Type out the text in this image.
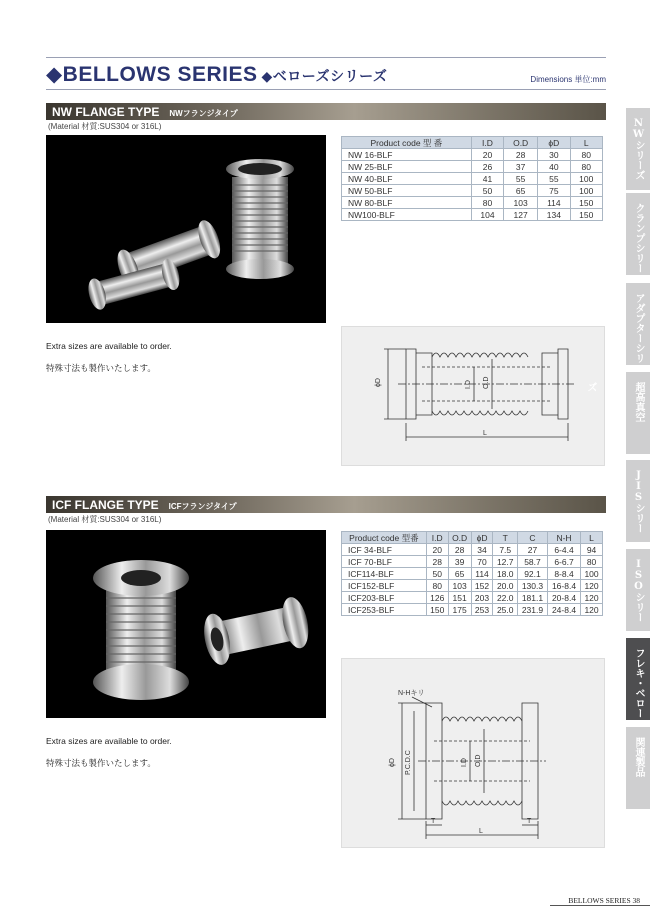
◆BELLOWS SERIES ◆ベローズシリーズ	Dimensions 単位:mm
NW FLANGE TYPE NWフランジタイプ
(Material 材質:SUS304 or 316L)
Product code 型 番	I.D	O.D	ϕD	L
NW 16-BLF	20	28	30	80
NW 25-BLF	26	37	40	80
NW 40-BLF	41	55	55	100
NW 50-BLF	50	65	75	100
NW 80-BLF	80	103	114	150
NW100-BLF	104	127	134	150
Extra sizes are available to order.
特殊寸法も製作いたします。
ϕD	I.D O.D
L
ICF FLANGE TYPE ICFフランジタイプ
(Material 材質:SUS304 or 316L)
Product code 型番	I.D	O.D	ϕD	T	C	N-H	L
ICF 34-BLF	20	28	34	7.5	27	6-4.4	94
ICF 70-BLF	28	39	70	12.7	58.7	6-6.7	80
ICF114-BLF	50	65	114	18.0	92.1	8-8.4	100
ICF152-BLF	80	103	152	20.0	130.3	16-8.4	120
ICF203-BLF	126	151	203	22.0	181.1	20-8.4	120
ICF253-BLF	150	175	253	25.0	231.9	24-8.4	120
Extra sizes are available to order.
特殊寸法も製作いたします。
N-Hキリ
ϕD P.C.D.C	I.D O.D
T	T
L
NWシリーズ
クランプシリーズ
アダプターシリーズ
超高真空ICFシリーズ
JISシリーズ
ISOシリーズ
フレキ・ベローシリーズ
関連製品
BELLOWS SERIES 38
